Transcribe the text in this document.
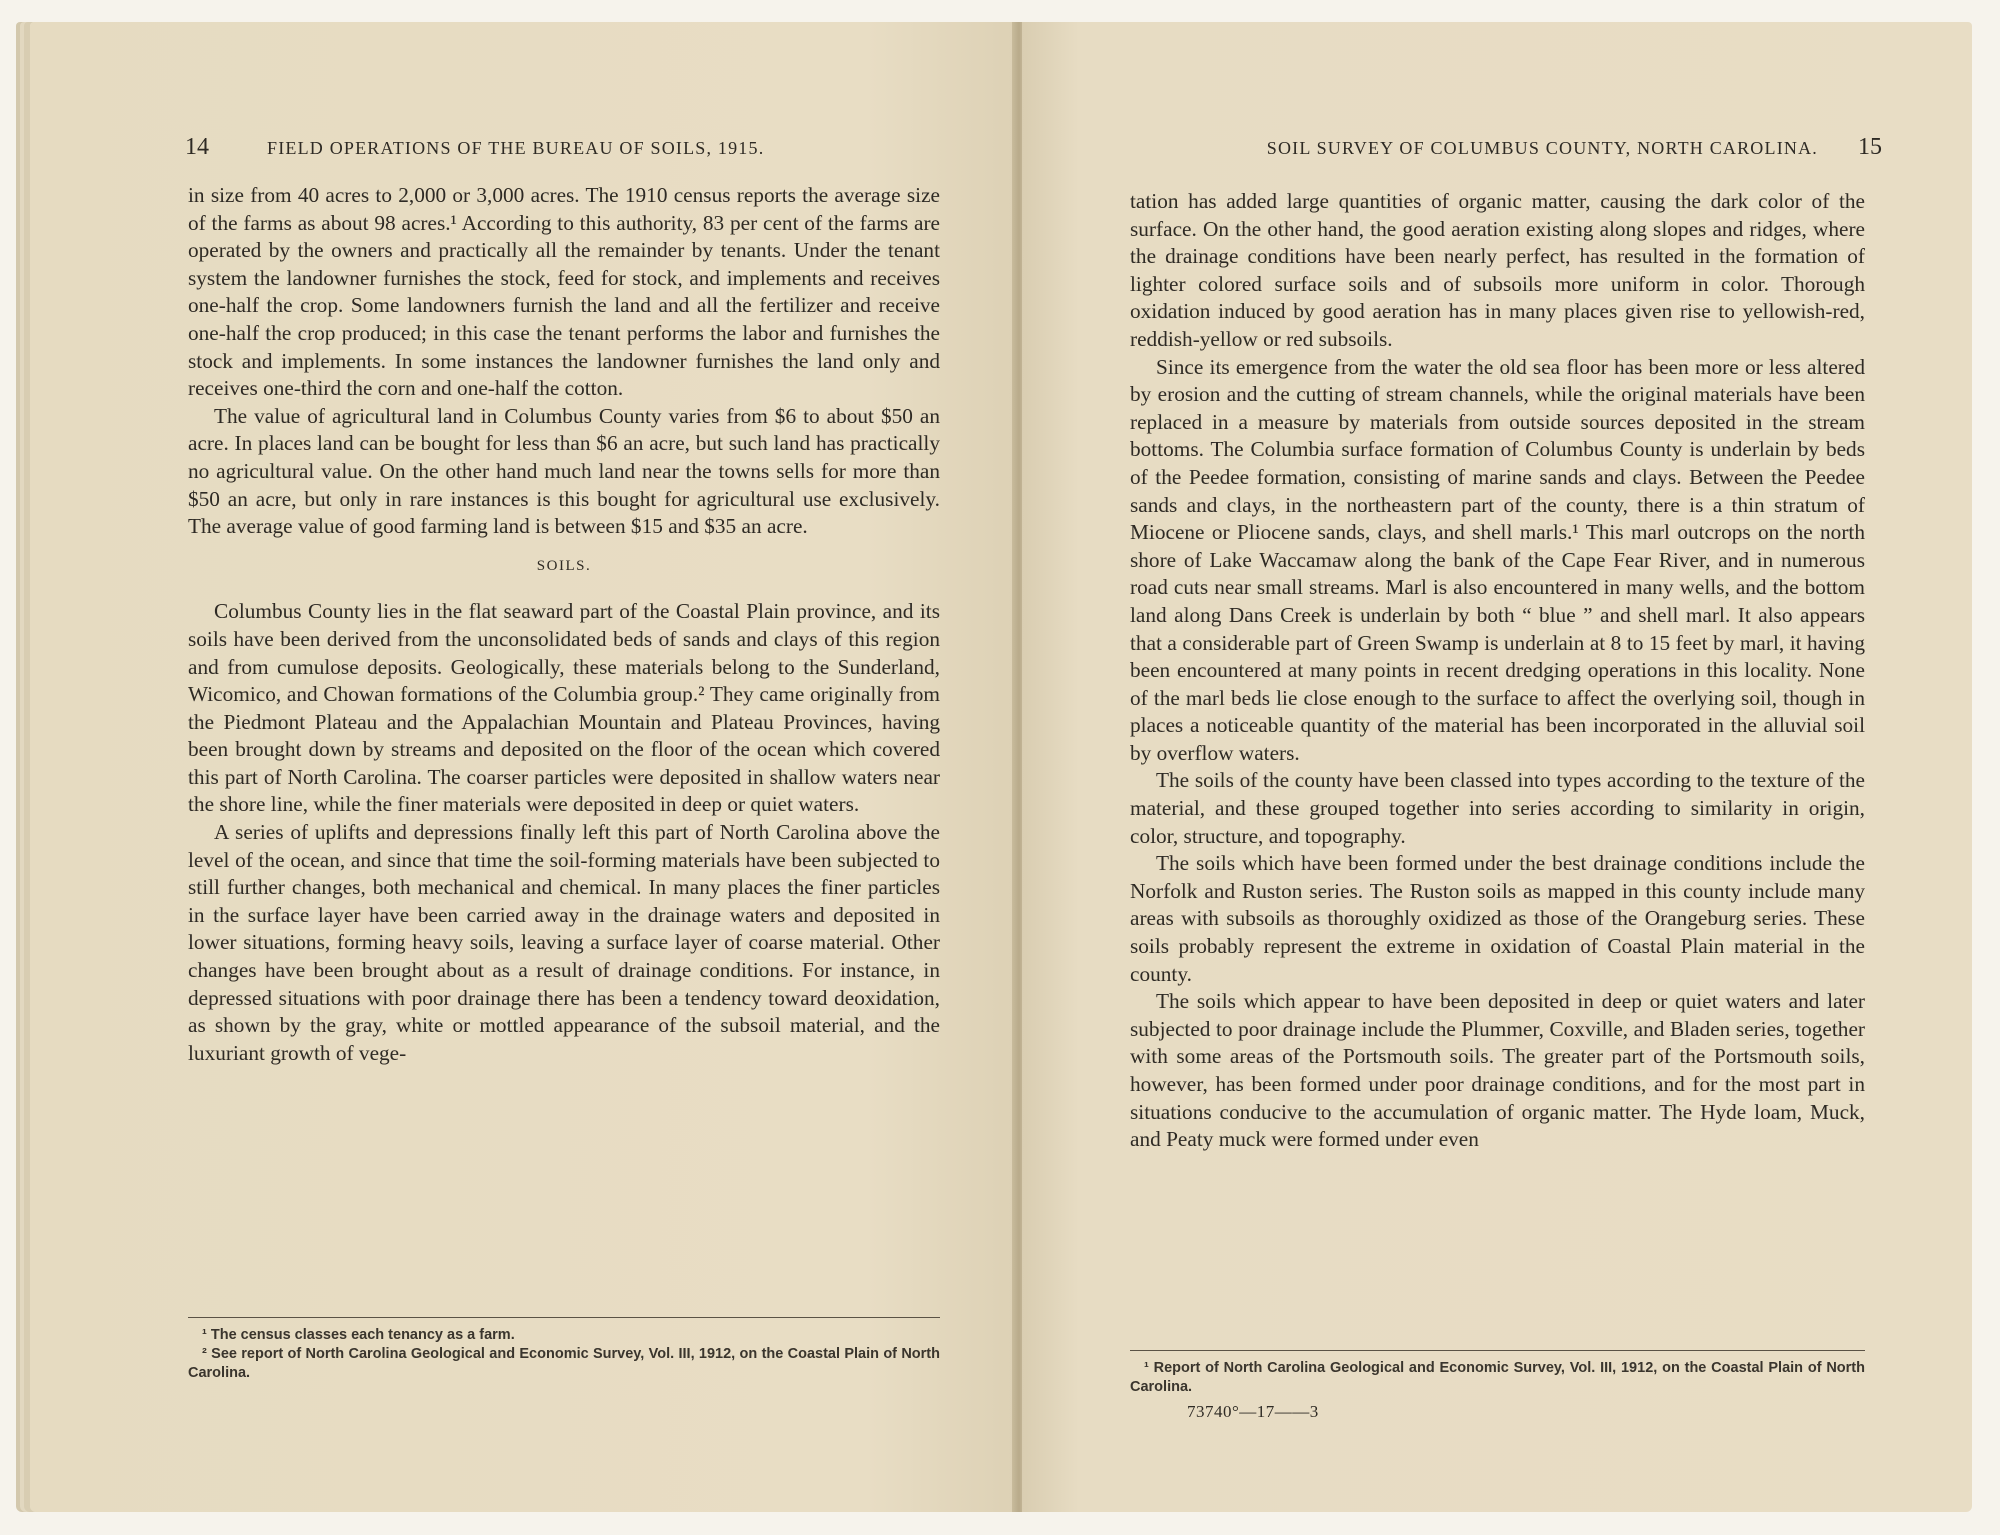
14	FIELD OPERATIONS OF THE BUREAU OF SOILS, 1915.

in size from 40 acres to 2,000 or 3,000 acres. The 1910 census reports the average size of the farms as about 98 acres.¹ According to this authority, 83 per cent of the farms are operated by the owners and practically all the remainder by tenants. Under the tenant system the landowner furnishes the stock, feed for stock, and implements and receives one-half the crop. Some landowners furnish the land and all the fertilizer and receive one-half the crop produced; in this case the tenant performs the labor and furnishes the stock and implements. In some instances the landowner furnishes the land only and receives one-third the corn and one-half the cotton.

The value of agricultural land in Columbus County varies from $6 to about $50 an acre. In places land can be bought for less than $6 an acre, but such land has practically no agricultural value. On the other hand much land near the towns sells for more than $50 an acre, but only in rare instances is this bought for agricultural use exclusively. The average value of good farming land is between $15 and $35 an acre.

SOILS.

Columbus County lies in the flat seaward part of the Coastal Plain province, and its soils have been derived from the unconsolidated beds of sands and clays of this region and from cumulose deposits. Geologically, these materials belong to the Sunderland, Wicomico, and Chowan formations of the Columbia group.² They came originally from the Piedmont Plateau and the Appalachian Mountain and Plateau Provinces, having been brought down by streams and deposited on the floor of the ocean which covered this part of North Carolina. The coarser particles were deposited in shallow waters near the shore line, while the finer materials were deposited in deep or quiet waters.

A series of uplifts and depressions finally left this part of North Carolina above the level of the ocean, and since that time the soil-forming materials have been subjected to still further changes, both mechanical and chemical. In many places the finer particles in the surface layer have been carried away in the drainage waters and deposited in lower situations, forming heavy soils, leaving a surface layer of coarse material. Other changes have been brought about as a result of drainage conditions. For instance, in depressed situations with poor drainage there has been a tendency toward deoxidation, as shown by the gray, white or mottled appearance of the subsoil material, and the luxuriant growth of vege-

¹ The census classes each tenancy as a farm.

² See report of North Carolina Geological and Economic Survey, Vol. III, 1912, on the Coastal Plain of North Carolina.

SOIL SURVEY OF COLUMBUS COUNTY, NORTH CAROLINA. 15

tation has added large quantities of organic matter, causing the dark color of the surface. On the other hand, the good aeration existing along slopes and ridges, where the drainage conditions have been nearly perfect, has resulted in the formation of lighter colored surface soils and of subsoils more uniform in color. Thorough oxidation induced by good aeration has in many places given rise to yellowish-red, reddish-yellow or red subsoils.

Since its emergence from the water the old sea floor has been more or less altered by erosion and the cutting of stream channels, while the original materials have been replaced in a measure by materials from outside sources deposited in the stream bottoms. The Columbia surface formation of Columbus County is underlain by beds of the Peedee formation, consisting of marine sands and clays. Between the Peedee sands and clays, in the northeastern part of the county, there is a thin stratum of Miocene or Pliocene sands, clays, and shell marls.¹ This marl outcrops on the north shore of Lake Waccamaw along the bank of the Cape Fear River, and in numerous road cuts near small streams. Marl is also encountered in many wells, and the bottom land along Dans Creek is underlain by both “ blue ” and shell marl. It also appears that a considerable part of Green Swamp is underlain at 8 to 15 feet by marl, it having been encountered at many points in recent dredging operations in this locality. None of the marl beds lie close enough to the surface to affect the overlying soil, though in places a noticeable quantity of the material has been incorporated in the alluvial soil by overflow waters.

The soils of the county have been classed into types according to the texture of the material, and these grouped together into series according to similarity in origin, color, structure, and topography.

The soils which have been formed under the best drainage conditions include the Norfolk and Ruston series. The Ruston soils as mapped in this county include many areas with subsoils as thoroughly oxidized as those of the Orangeburg series. These soils probably represent the extreme in oxidation of Coastal Plain material in the county.

The soils which appear to have been deposited in deep or quiet waters and later subjected to poor drainage include the Plummer, Coxville, and Bladen series, together with some areas of the Portsmouth soils. The greater part of the Portsmouth soils, however, has been formed under poor drainage conditions, and for the most part in situations conducive to the accumulation of organic matter. The Hyde loam, Muck, and Peaty muck were formed under even

¹ Report of North Carolina Geological and Economic Survey, Vol. III, 1912, on the Coastal Plain of North Carolina.

73740°—17——3
